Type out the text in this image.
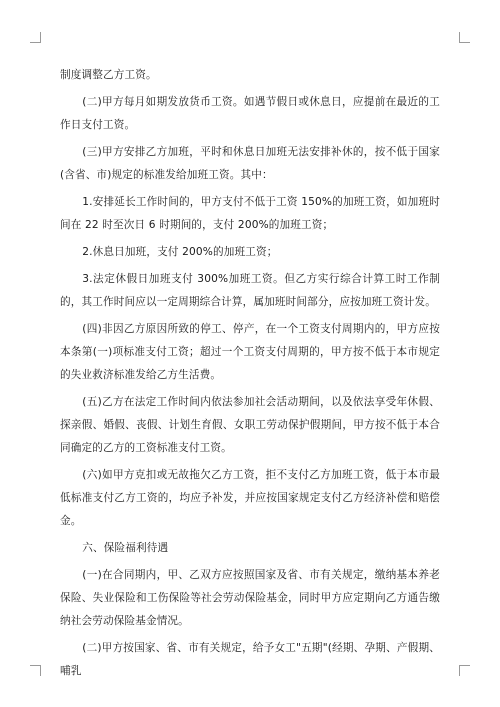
制度调整乙方工资。

(二)甲方每月如期发放货币工资。如遇节假日或休息日，应提前在最近的工作日支付工资。

(三)甲方安排乙方加班，平时和休息日加班无法安排补休的，按不低于国家(含省、市)规定的标准发给加班工资。其中：

1.安排延长工作时间的，甲方支付不低于工资 150%的加班工资，如加班时间在 22 时至次日 6 时期间的，支付 200%的加班工资；

2.休息日加班，支付 200%的加班工资；

3.法定休假日加班支付 300%加班工资。但乙方实行综合计算工时工作制的，其工作时间应以一定周期综合计算，属加班时间部分，应按加班工资计发。

(四)非因乙方原因所致的停工、停产，在一个工资支付周期内的，甲方应按本条第(一)项标准支付工资；超过一个工资支付周期的，甲方按不低于本市规定的失业救济标准发给乙方生活费。

(五)乙方在法定工作时间内依法参加社会活动期间，以及依法享受年休假、探亲假、婚假、丧假、计划生育假、女职工劳动保护假期间，甲方按不低于本合同确定的乙方的工资标准支付工资。

(六)如甲方克扣或无故拖欠乙方工资，拒不支付乙方加班工资，低于本市最低标准支付乙方工资的，均应予补发，并应按国家规定支付乙方经济补偿和赔偿金。

六、保险福利待遇

(一)在合同期内，甲、乙双方应按照国家及省、市有关规定，缴纳基本养老保险、失业保险和工伤保险等社会劳动保险基金，同时甲方应定期向乙方通告缴纳社会劳动保险基金情况。

(二)甲方按国家、省、市有关规定，给予女工"五期"(经期、孕期、产假期、哺乳
